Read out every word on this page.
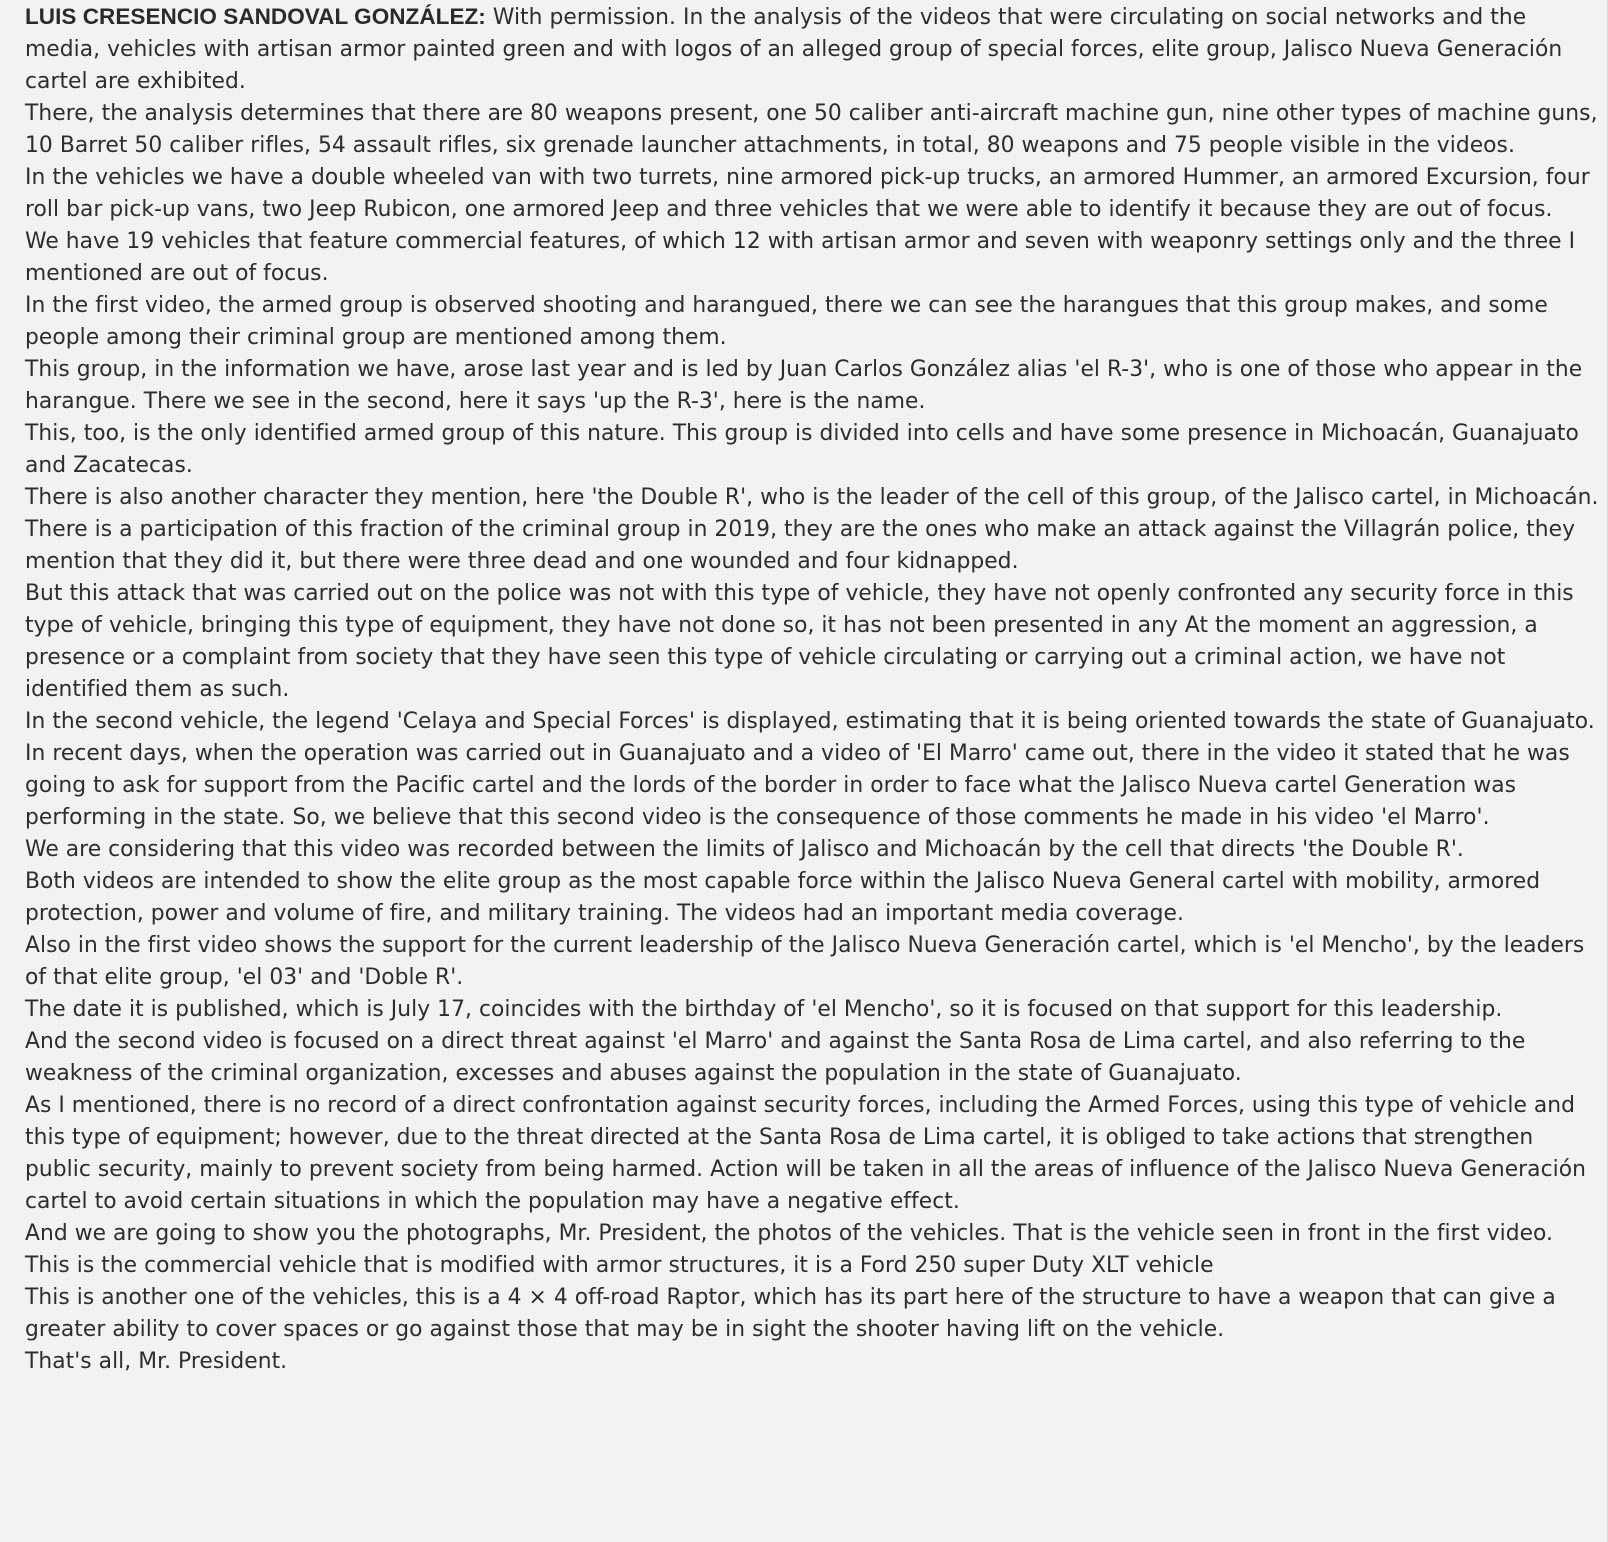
LUIS CRESENCIO SANDOVAL GONZÁLEZ: With permission. In the analysis of the videos that were circulating on social networks and the media, vehicles with artisan armor painted green and with logos of an alleged group of special forces, elite group, Jalisco Nueva Generación cartel are exhibited.

There, the analysis determines that there are 80 weapons present, one 50 caliber anti-aircraft machine gun, nine other types of machine guns, 10 Barret 50 caliber rifles, 54 assault rifles, six grenade launcher attachments, in total, 80 weapons and 75 people visible in the videos.

In the vehicles we have a double wheeled van with two turrets, nine armored pick-up trucks, an armored Hummer, an armored Excursion, four roll bar pick-up vans, two Jeep Rubicon, one armored Jeep and three vehicles that we were able to identify it because they are out of focus.

We have 19 vehicles that feature commercial features, of which 12 with artisan armor and seven with weaponry settings only and the three I mentioned are out of focus.

In the first video, the armed group is observed shooting and harangued, there we can see the harangues that this group makes, and some people among their criminal group are mentioned among them.

This group, in the information we have, arose last year and is led by Juan Carlos González alias 'el R-3', who is one of those who appear in the harangue. There we see in the second, here it says 'up the R-3', here is the name.

This, too, is the only identified armed group of this nature. This group is divided into cells and have some presence in Michoacán, Guanajuato and Zacatecas.

There is also another character they mention, here 'the Double R', who is the leader of the cell of this group, of the Jalisco cartel, in Michoacán.

There is a participation of this fraction of the criminal group in 2019, they are the ones who make an attack against the Villagrán police, they mention that they did it, but there were three dead and one wounded and four kidnapped.

But this attack that was carried out on the police was not with this type of vehicle, they have not openly confronted any security force in this type of vehicle, bringing this type of equipment, they have not done so, it has not been presented in any At the moment an aggression, a presence or a complaint from society that they have seen this type of vehicle circulating or carrying out a criminal action, we have not identified them as such.

In the second vehicle, the legend 'Celaya and Special Forces' is displayed, estimating that it is being oriented towards the state of Guanajuato.

In recent days, when the operation was carried out in Guanajuato and a video of 'El Marro' came out, there in the video it stated that he was going to ask for support from the Pacific cartel and the lords of the border in order to face what the Jalisco Nueva cartel Generation was performing in the state. So, we believe that this second video is the consequence of those comments he made in his video 'el Marro'.

We are considering that this video was recorded between the limits of Jalisco and Michoacán by the cell that directs 'the Double R'.

Both videos are intended to show the elite group as the most capable force within the Jalisco Nueva General cartel with mobility, armored protection, power and volume of fire, and military training. The videos had an important media coverage.

Also in the first video shows the support for the current leadership of the Jalisco Nueva Generación cartel, which is 'el Mencho', by the leaders of that elite group, 'el 03' and 'Doble R'.

The date it is published, which is July 17, coincides with the birthday of 'el Mencho', so it is focused on that support for this leadership.

And the second video is focused on a direct threat against 'el Marro' and against the Santa Rosa de Lima cartel, and also referring to the weakness of the criminal organization, excesses and abuses against the population in the state of Guanajuato.

As I mentioned, there is no record of a direct confrontation against security forces, including the Armed Forces, using this type of vehicle and this type of equipment; however, due to the threat directed at the Santa Rosa de Lima cartel, it is obliged to take actions that strengthen public security, mainly to prevent society from being harmed. Action will be taken in all the areas of influence of the Jalisco Nueva Generación cartel to avoid certain situations in which the population may have a negative effect.

And we are going to show you the photographs, Mr. President, the photos of the vehicles. That is the vehicle seen in front in the first video. This is the commercial vehicle that is modified with armor structures, it is a Ford 250 super Duty XLT vehicle

This is another one of the vehicles, this is a 4 × 4 off-road Raptor, which has its part here of the structure to have a weapon that can give a greater ability to cover spaces or go against those that may be in sight the shooter having lift on the vehicle.

That's all, Mr. President.
